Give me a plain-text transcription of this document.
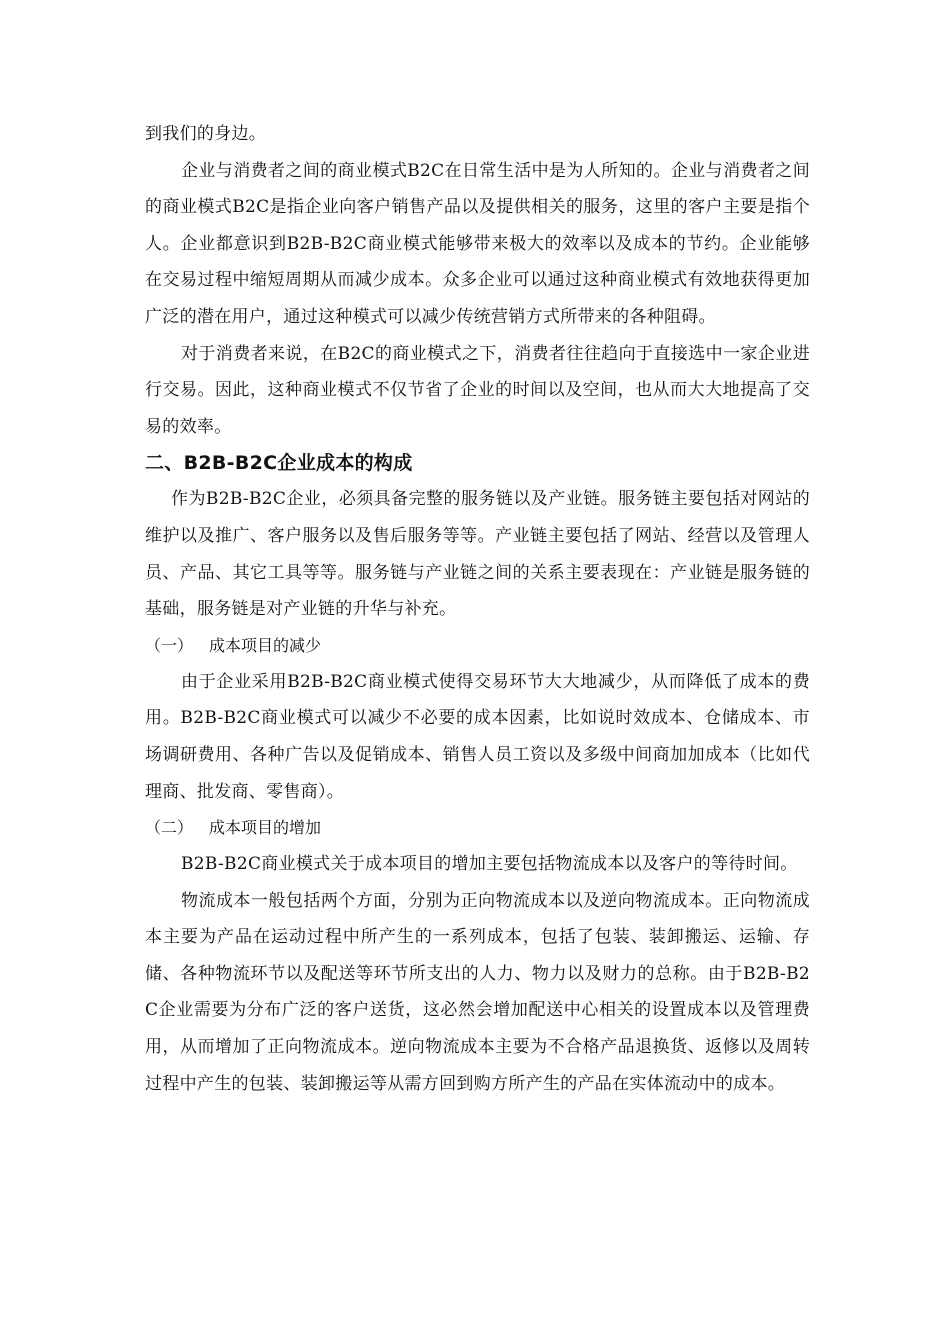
到我们的身边。

企业与消费者之间的商业模式B2C在日常生活中是为人所知的。企业与消费者之间的商业模式B2C是指企业向客户销售产品以及提供相关的服务，这里的客户主要是指个人。企业都意识到B2B-B2C商业模式能够带来极大的效率以及成本的节约。企业能够在交易过程中缩短周期从而减少成本。众多企业可以通过这种商业模式有效地获得更加广泛的潜在用户，通过这种模式可以减少传统营销方式所带来的各种阻碍。

对于消费者来说，在B2C的商业模式之下，消费者往往趋向于直接选中一家企业进行交易。因此，这种商业模式不仅节省了企业的时间以及空间，也从而大大地提高了交易的效率。

二、B2B-B2C企业成本的构成

作为B2B-B2C企业，必须具备完整的服务链以及产业链。服务链主要包括对网站的维护以及推广、客户服务以及售后服务等等。产业链主要包括了网站、经营以及管理人员、产品、其它工具等等。服务链与产业链之间的关系主要表现在：产业链是服务链的基础，服务链是对产业链的升华与补充。

（一） 成本项目的减少

由于企业采用B2B-B2C商业模式使得交易环节大大地减少，从而降低了成本的费用。B2B-B2C商业模式可以减少不必要的成本因素，比如说时效成本、仓储成本、市场调研费用、各种广告以及促销成本、销售人员工资以及多级中间商加加成本（比如代理商、批发商、零售商）。

（二） 成本项目的增加

B2B-B2C商业模式关于成本项目的增加主要包括物流成本以及客户的等待时间。

物流成本一般包括两个方面，分别为正向物流成本以及逆向物流成本。正向物流成本主要为产品在运动过程中所产生的一系列成本，包括了包装、装卸搬运、运输、存储、各种物流环节以及配送等环节所支出的人力、物力以及财力的总称。由于B2B-B2C企业需要为分布广泛的客户送货，这必然会增加配送中心相关的设置成本以及管理费用，从而增加了正向物流成本。逆向物流成本主要为不合格产品退换货、返修以及周转过程中产生的包装、装卸搬运等从需方回到购方所产生的产品在实体流动中的成本。
